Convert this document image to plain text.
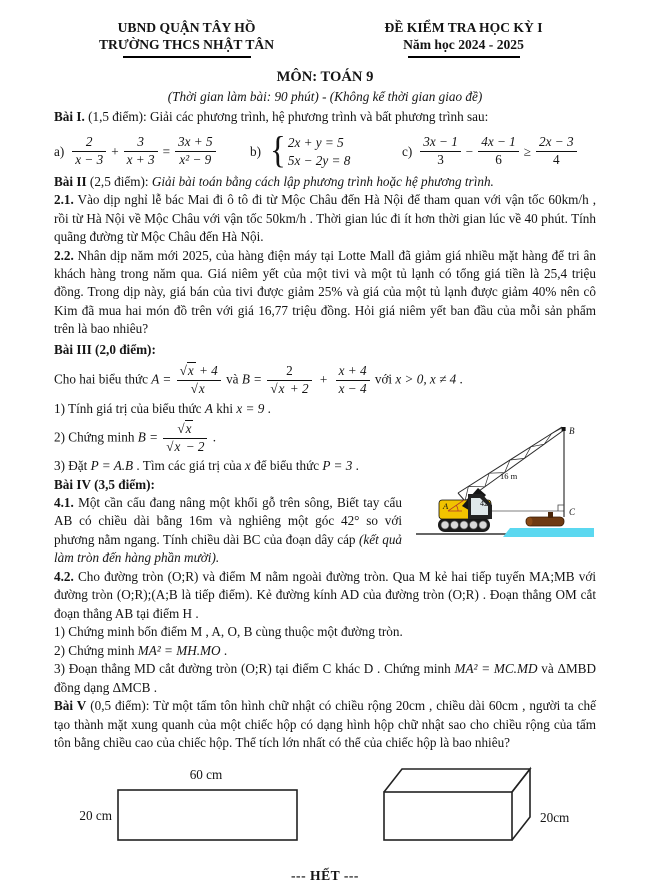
UBND QUẬN TÂY HỒ
TRƯỜNG THCS NHẬT TÂN
ĐỀ KIỂM TRA HỌC KỲ I
Năm học 2024 - 2025
MÔN: TOÁN 9
(Thời gian làm bài: 90 phút) - (Không kể thời gian giao đề)

Bài I. (1,5 điểm): Giải các phương trình, hệ phương trình và bất phương trình sau:

$a) \frac{2}{x - 3} + \frac{3}{x + 3} = \frac{3x + 5}{\text{x² − 9}} b$) { 2x + y = 5
5x − 2y = 8
$c) \frac{3x - 1}{3} - \frac{4x - 1}{6} \ge \frac{2x - 3}{4}$

Bài II (2,5 điểm): Giải bài toán bằng cách lập phương trình hoặc hệ phương trình.

2.1. Vào dịp nghỉ lễ bác Mai đi ô tô đi từ Mộc Châu đến Hà Nội để tham quan với vận tốc 60km/h , rồi từ Hà Nội về Mộc Châu với vận tốc 50km/h . Thời gian lúc đi ít hơn thời gian lúc về 40 phút. Tính quãng đường từ Mộc Châu đến Hà Nội.

2.2. Nhân dịp năm mới 2025, của hàng điện máy tại Lotte Mall đã giảm giá nhiều mặt hàng để tri ân khách hàng trong năm qua. Giá niêm yết của một tivi và một tủ lạnh có tổng giá tiền là 25,4 triệu đồng. Trong dịp này, giá bán của tivi được giảm 25% và giá của một tủ lạnh được giảm 40% nên cô Kim đã mua hai món đồ trên với giá 16,77 triệu đồng. Hỏi giá niêm yết ban đầu của mỗi sản phẩm trên là bao nhiêu?

Bài III (2,0 điểm):

Cho hai biểu thức $A = \frac{√x + 4}{√x}$ và $B = \frac{2}{√x + 2} + \frac{x + 4}{x - 4}$ với x > 0, x ≠ 4 .

1) Tính giá trị của biểu thức A khi x = 9 .

B
C
A
16 m
42°

2) Chứng minh $B = \frac{√x}{√x - 2}$ .

3) Đặt P = A.B . Tìm các giá trị của x để biểu thức P = 3 .

Bài IV (3,5 điểm):

4.1. Một cần cẩu đang nâng một khối gỗ trên sông, Biết tay cẩu AB có chiều dài bằng 16m và nghiêng một góc 42° so với phương nằm ngang. Tính chiều dài BC của đoạn dây cáp (kết quả làm tròn đến hàng phần mười).

4.2. Cho đường tròn (O;R) và điểm M nằm ngoài đường tròn. Qua M kẻ hai tiếp tuyến MA;MB với đường tròn (O;R);(A;B là tiếp điểm). Kẻ đường kính AD của đường tròn (O;R) . Đoạn thẳng OM cắt đoạn thẳng AB tại điểm H .

1) Chứng minh bốn điểm M , A, O, B cùng thuộc một đường tròn.

2) Chứng minh MA² = MH.MO .

3) Đoạn thẳng MD cắt đường tròn (O;R) tại điểm C khác D . Chứng minh MA² = MC.MD và ΔMBD đồng dạng ΔMCB .

Bài V (0,5 điểm): Từ một tấm tôn hình chữ nhật có chiều rộng 20cm , chiều dài 60cm , người ta chế tạo thành mặt xung quanh của một chiếc hộp có dạng hình hộp chữ nhật sao cho chiều rộng của tấm tôn bằng chiều cao của chiếc hộp. Thể tích lớn nhất có thể của chiếc hộp là bao nhiêu?

60 cm
20 cm	20cm
--- HẾT ---
